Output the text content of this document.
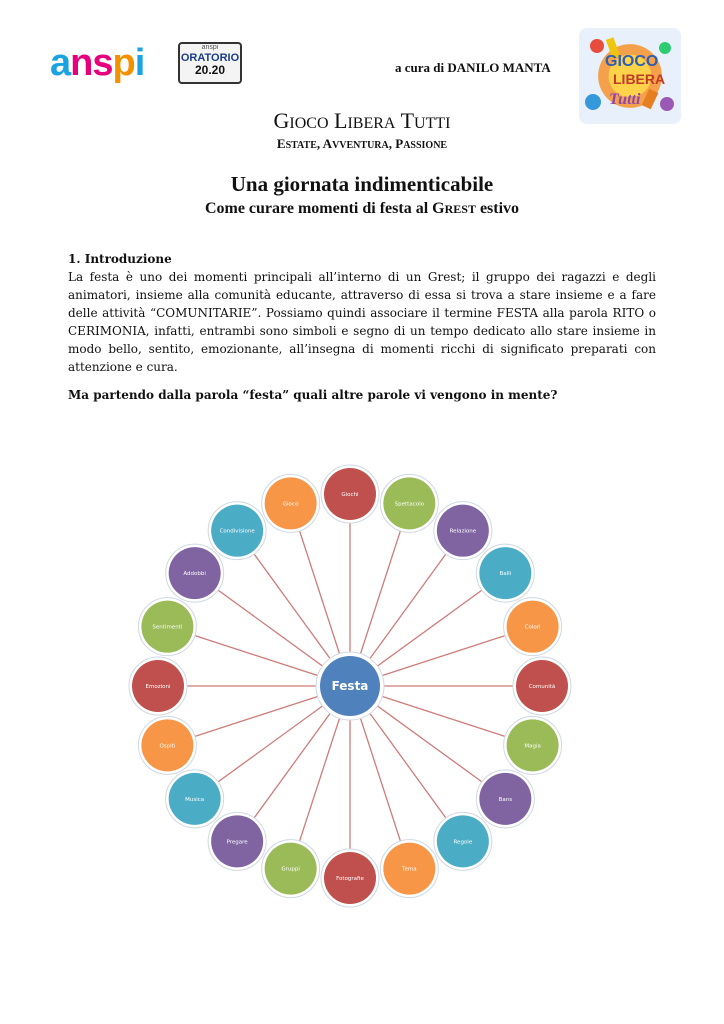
anspi	anspi
ORATORIO
20.20	a cura di DANILO MANTA	GIOCO
LIBERA
Tutti
GIOCO LIBERA TUTTI
ESTATE, AVVENTURA, PASSIONE
Una giornata indimenticabile
Come curare momenti di festa al GREST estivo
1. Introduzione
La festa è uno dei momenti principali all’interno di un Grest; il gruppo dei ragazzi e degli animatori, insieme alla comunità educante, attraverso di essa si trova a stare insieme e a fare delle attività “COMUNITARIE”. Possiamo quindi associare il termine FESTA alla parola RITO o CERIMONIA, infatti, entrambi sono simboli e segno di un tempo dedicato allo stare insieme in modo bello, sentito, emozionante, all’insegna di momenti ricchi di significato preparati con attenzione e cura.
Ma partendo dalla parola “festa” quali altre parole vi vengono in mente?
Giochi
Spettacolo
Relazione
Balli
Colori
Comunità
Magia
Bans
Regole
Tema
Fotografie
Gruppi
Pregare
Musica
Ospiti
Emozioni
Sentimenti
Addobbi
Condivisione
Gioco
Festa
